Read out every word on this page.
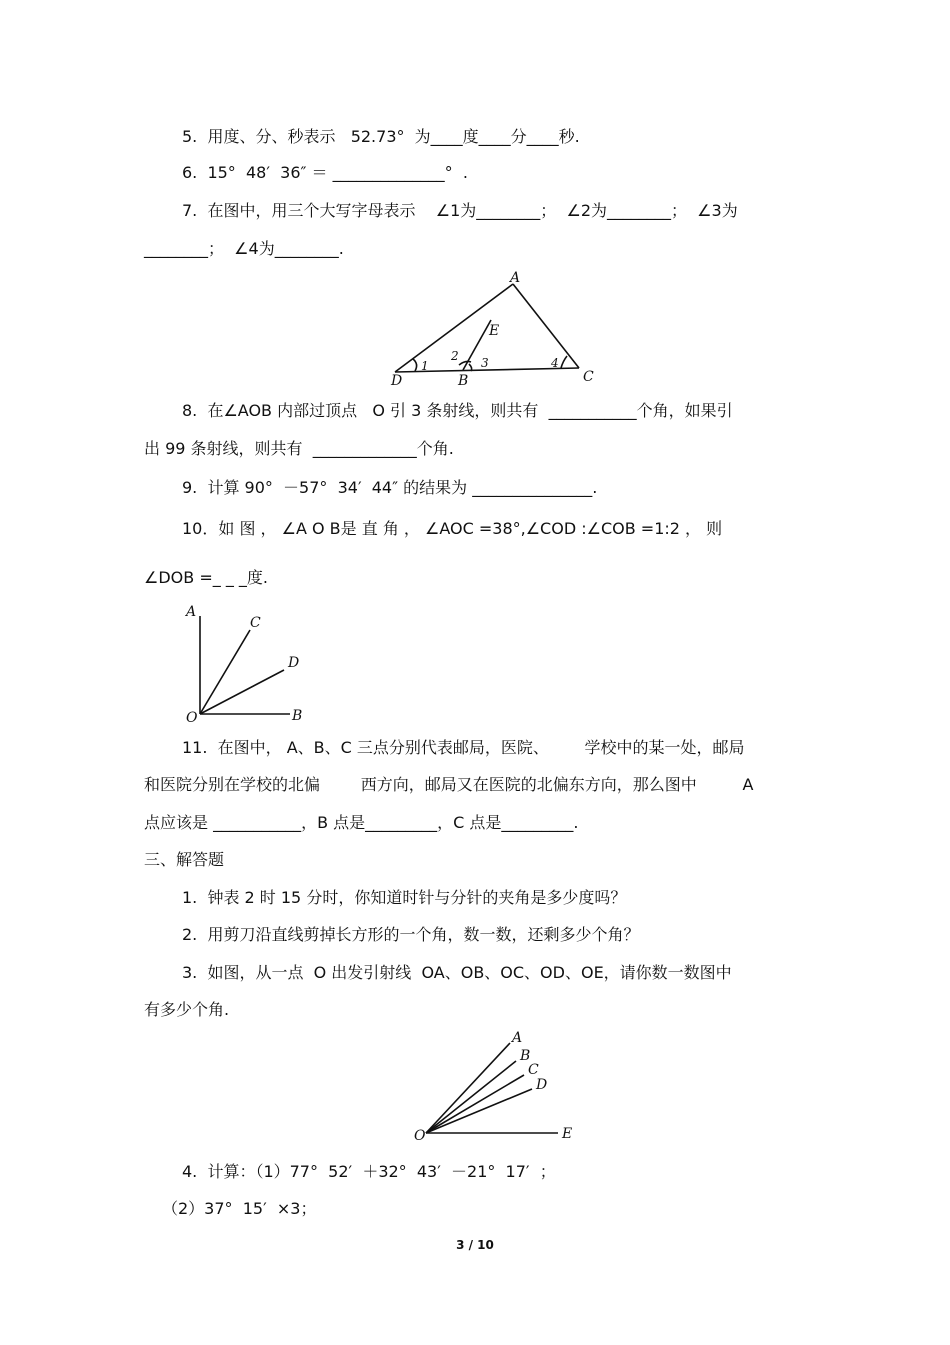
5.  用度、分、秒表示   52.73°  为____度____分____秒.
6.  15°  48′  36″ ＝ ______________°  .
7.  在图中，用三个大写字母表示    ∠1为________；  ∠2为________；  ∠3为
________；  ∠4为________.
A
E
D	B	C
1
2 3	4
8.  在∠AOB 内部过顶点   O 引 3 条射线，则共有  ___________个角，如果引
出 99 条射线，则共有  _____________个角.
9.  计算 90°  －57°  34′  44″ 的结果为 _______________.
10．如 图 ， ∠A O B是 直 角 ， ∠AOC =38°,∠COD :∠COB =1:2 ， 则
∠DOB =_ _ _度.
A
C
D
O	B
11.  在图中， A、B、C 三点分别代表邮局，医院、       学校中的某一处，邮局
和医院分别在学校的北偏        西方向，邮局又在医院的北偏东方向，那么图中         A
点应该是 ___________，B 点是_________，C 点是_________.
三、解答题
1.  钟表 2 时 15 分时，你知道时针与分针的夹角是多少度吗？
2.  用剪刀沿直线剪掉长方形的一个角，数一数，还剩多少个角？
3.  如图，从一点  O 出发引射线  OA、OB、OC、OD、OE，请你数一数图中
有多少个角.
A
B
C
D
O	E
4.  计算：（1）77°  52′  ＋32°  43′  －21°  17′  ；
（2）37°  15′  ×3；
3 / 10
